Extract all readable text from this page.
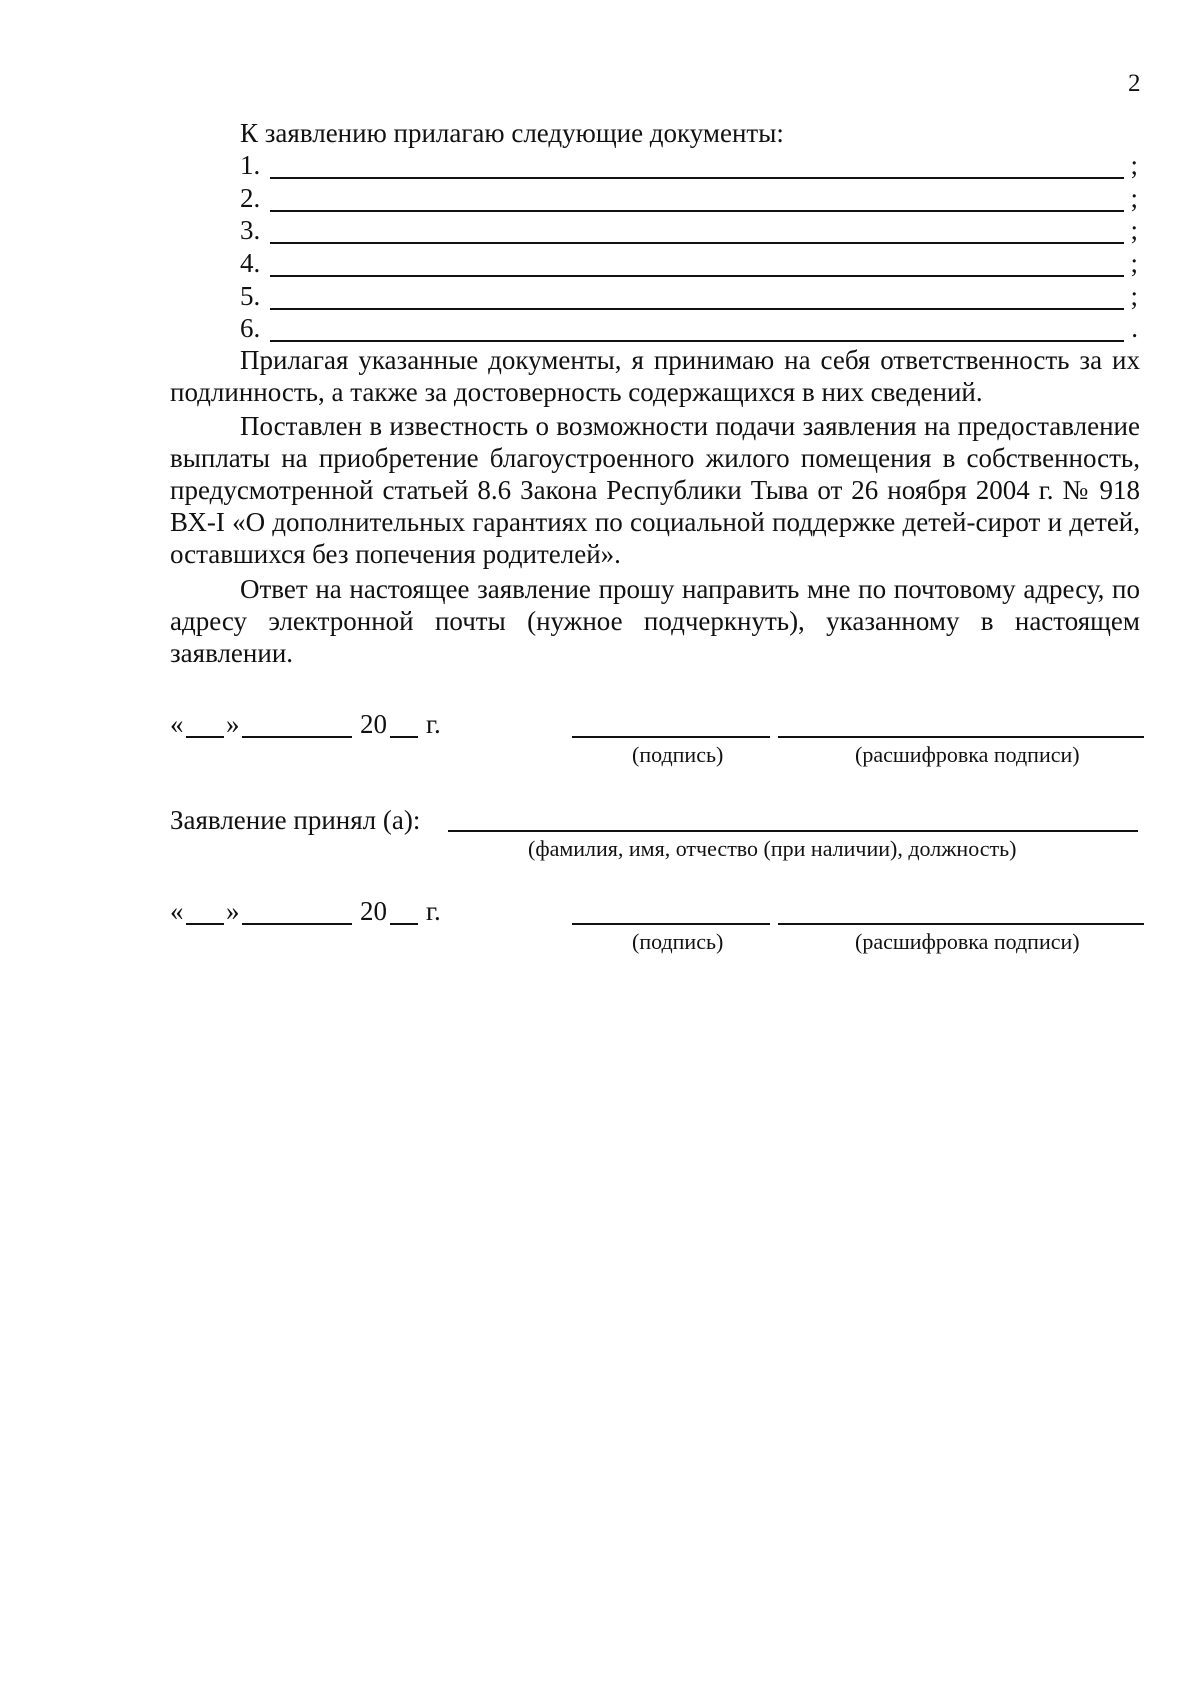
2
К заявлению прилагаю следующие документы:
1.	;
2.	;
3.	;
4.	;
5.	;
6.	.

Прилагая указанные документы, я принимаю на себя ответственность за их подлинность, а также за достоверность содержащихся в них сведений.

Поставлен в известность о возможности подачи заявления на предоставление выплаты на приобретение благоустроенного жилого помещения в собственность, предусмотренной статьей 8.6 Закона Республики Тыва от 26 ноября 2004 г. № 918 ВХ-I «О дополнительных гарантиях по социальной поддержке детей-сирот и детей, оставшихся без попечения родителей».

Ответ на настоящее заявление прошу направить мне по почтовому адресу, по адресу электронной почты (нужное подчеркнуть), указанному в настоящем заявлении.

« »	20 г.
(подпись)	(расшифровка подписи)
Заявление принял (а):
(фамилия, имя, отчество (при наличии), должность)
« »	20 г.
(подпись)	(расшифровка подписи)
